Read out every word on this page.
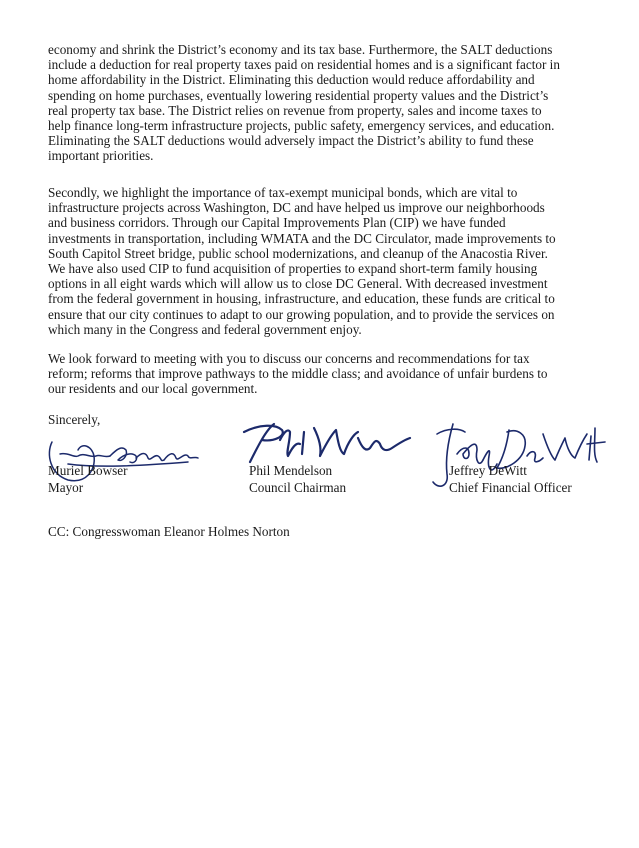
economy and shrink the District’s economy and its tax base. Furthermore, the SALT deductions
include a deduction for real property taxes paid on residential homes and is a significant factor in
home affordability in the District. Eliminating this deduction would reduce affordability and
spending on home purchases, eventually lowering residential property values and the District’s
real property tax base. The District relies on revenue from property, sales and income taxes to
help finance long-term infrastructure projects, public safety, emergency services, and education.
Eliminating the SALT deductions would adversely impact the District’s ability to fund these
important priorities.

Secondly, we highlight the importance of tax-exempt municipal bonds, which are vital to
infrastructure projects across Washington, DC and have helped us improve our neighborhoods
and business corridors. Through our Capital Improvements Plan (CIP) we have funded
investments in transportation, including WMATA and the DC Circulator, made improvements to
South Capitol Street bridge, public school modernizations, and cleanup of the Anacostia River.
We have also used CIP to fund acquisition of properties to expand short-term family housing
options in all eight wards which will allow us to close DC General. With decreased investment
from the federal government in housing, infrastructure, and education, these funds are critical to
ensure that our city continues to adapt to our growing population, and to provide the services on
which many in the Congress and federal government enjoy.

We look forward to meeting with you to discuss our concerns and recommendations for tax
reform; reforms that improve pathways to the middle class; and avoidance of unfair burdens to
our residents and our local government.

Sincerely,
Muriel Bowser
Mayor
Phil Mendelson
Council Chairman
Jeffrey DeWitt
Chief Financial Officer
CC: Congresswoman Eleanor Holmes Norton
